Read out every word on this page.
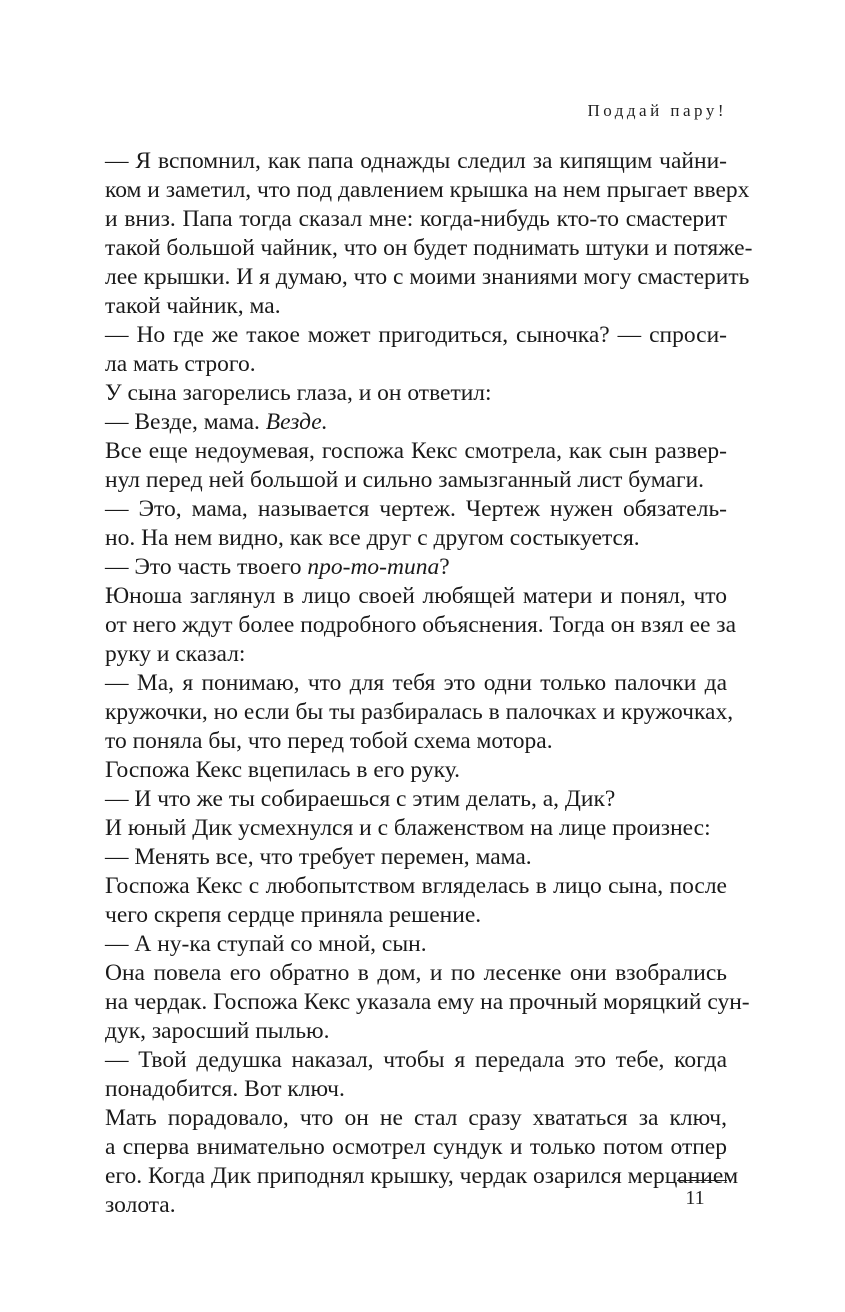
Поддай пару!
— Я вспомнил, как папа однажды следил за кипящим чайни-
ком и заметил, что под давлением крышка на нем прыгает вверх
и вниз. Папа тогда сказал мне: когда-нибудь кто-то смастерит
такой большой чайник, что он будет поднимать штуки и потяже-
лее крышки. И я думаю, что с моими знаниями могу смастерить
такой чайник, ма.
— Но где же такое может пригодиться, сыночка? — спроси-
ла мать строго.
У сына загорелись глаза, и он ответил:
— Везде, мама. Везде.
Все еще недоумевая, госпожа Кекс смотрела, как сын развер-
нул перед ней большой и сильно замызганный лист бумаги.
— Это, мама, называется чертеж. Чертеж нужен обязатель-
но. На нем видно, как все друг с другом состыкуется.
— Это часть твоего про-то-типа?
Юноша заглянул в лицо своей любящей матери и понял, что
от него ждут более подробного объяснения. Тогда он взял ее за
руку и сказал:
— Ма, я понимаю, что для тебя это одни только палочки да
кружочки, но если бы ты разбиралась в палочках и кружочках,
то поняла бы, что перед тобой схема мотора.
Госпожа Кекс вцепилась в его руку.
— И что же ты собираешься с этим делать, а, Дик?
И юный Дик усмехнулся и с блаженством на лице произнес:
— Менять все, что требует перемен, мама.
Госпожа Кекс с любопытством вгляделась в лицо сына, после
чего скрепя сердце приняла решение.
— А ну-ка ступай со мной, сын.
Она повела его обратно в дом, и по лесенке они взобрались
на чердак. Госпожа Кекс указала ему на прочный моряцкий сун-
дук, заросший пылью.
— Твой дедушка наказал, чтобы я передала это тебе, когда
понадобится. Вот ключ.
Мать порадовало, что он не стал сразу хвататься за ключ,
а сперва внимательно осмотрел сундук и только потом отпер
его. Когда Дик приподнял крышку, чердак озарился мерцанием
золота.	11
